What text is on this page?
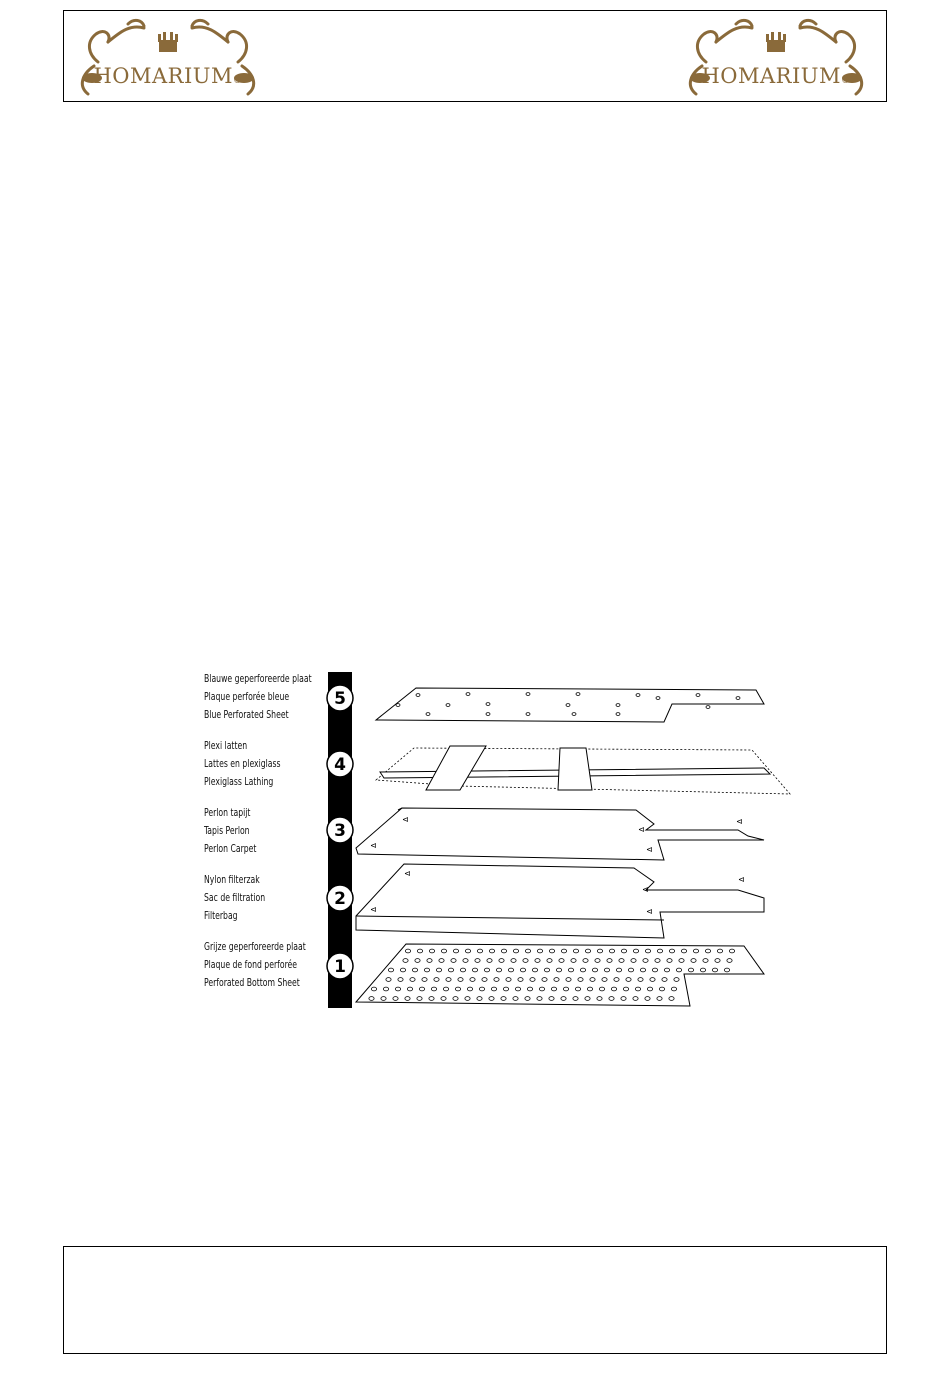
HOMARIUM®	HOMARIUM®
⊲
⊲
⊲
⊲
⊲
⊲
⊲
⊲
⊲
⊲
5
4
3
2
1
Blauwe geperforeerde plaat
Plaque perforée bleue
Blue Perforated Sheet
Plexi latten
Lattes en plexiglass
Plexiglass Lathing
Perlon tapijt
Tapis Perlon
Perlon Carpet
Nylon filterzak
Sac de filtration
Filterbag
Grijze geperforeerde plaat
Plaque de fond perforée
Perforated Bottom Sheet
